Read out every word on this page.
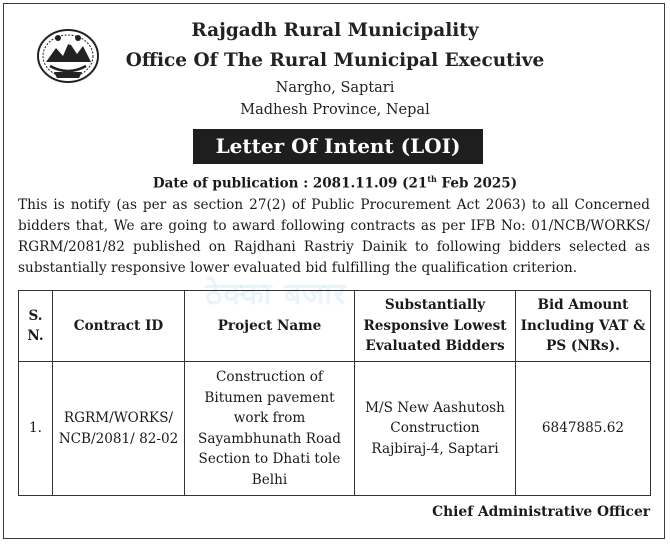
Rajgadh Rural Municipality
Office Of The Rural Municipal Executive
Nargho, Saptari
Madhesh Province, Nepal
Letter Of Intent (LOI)
Date of publication : 2081.11.09 (21th Feb 2025)
This is notify (as per as section 27(2) of Public Procurement Act 2063) to all Concerned bidders that, We are going to award following contracts as per IFB No: 01/NCB/WORKS/ RGRM/2081/82 published on Rajdhani Rastriy Dainik to following bidders selected as substantially responsive lower evaluated bid fulfilling the qualification criterion.
ठेक्का बजार
S. N.	Contract ID	Project Name	Substantially Responsive Lowest Evaluated Bidders	Bid Amount Including VAT & PS (NRs).
1.	RGRM/WORKS/ NCB/2081/ 82-02	Construction of Bitumen pavement work from Sayambhunath Road Section to Dhati tole Belhi	M/S New Aashutosh Construction Rajbiraj-4, Saptari	6847885.62
Chief Administrative Officer
